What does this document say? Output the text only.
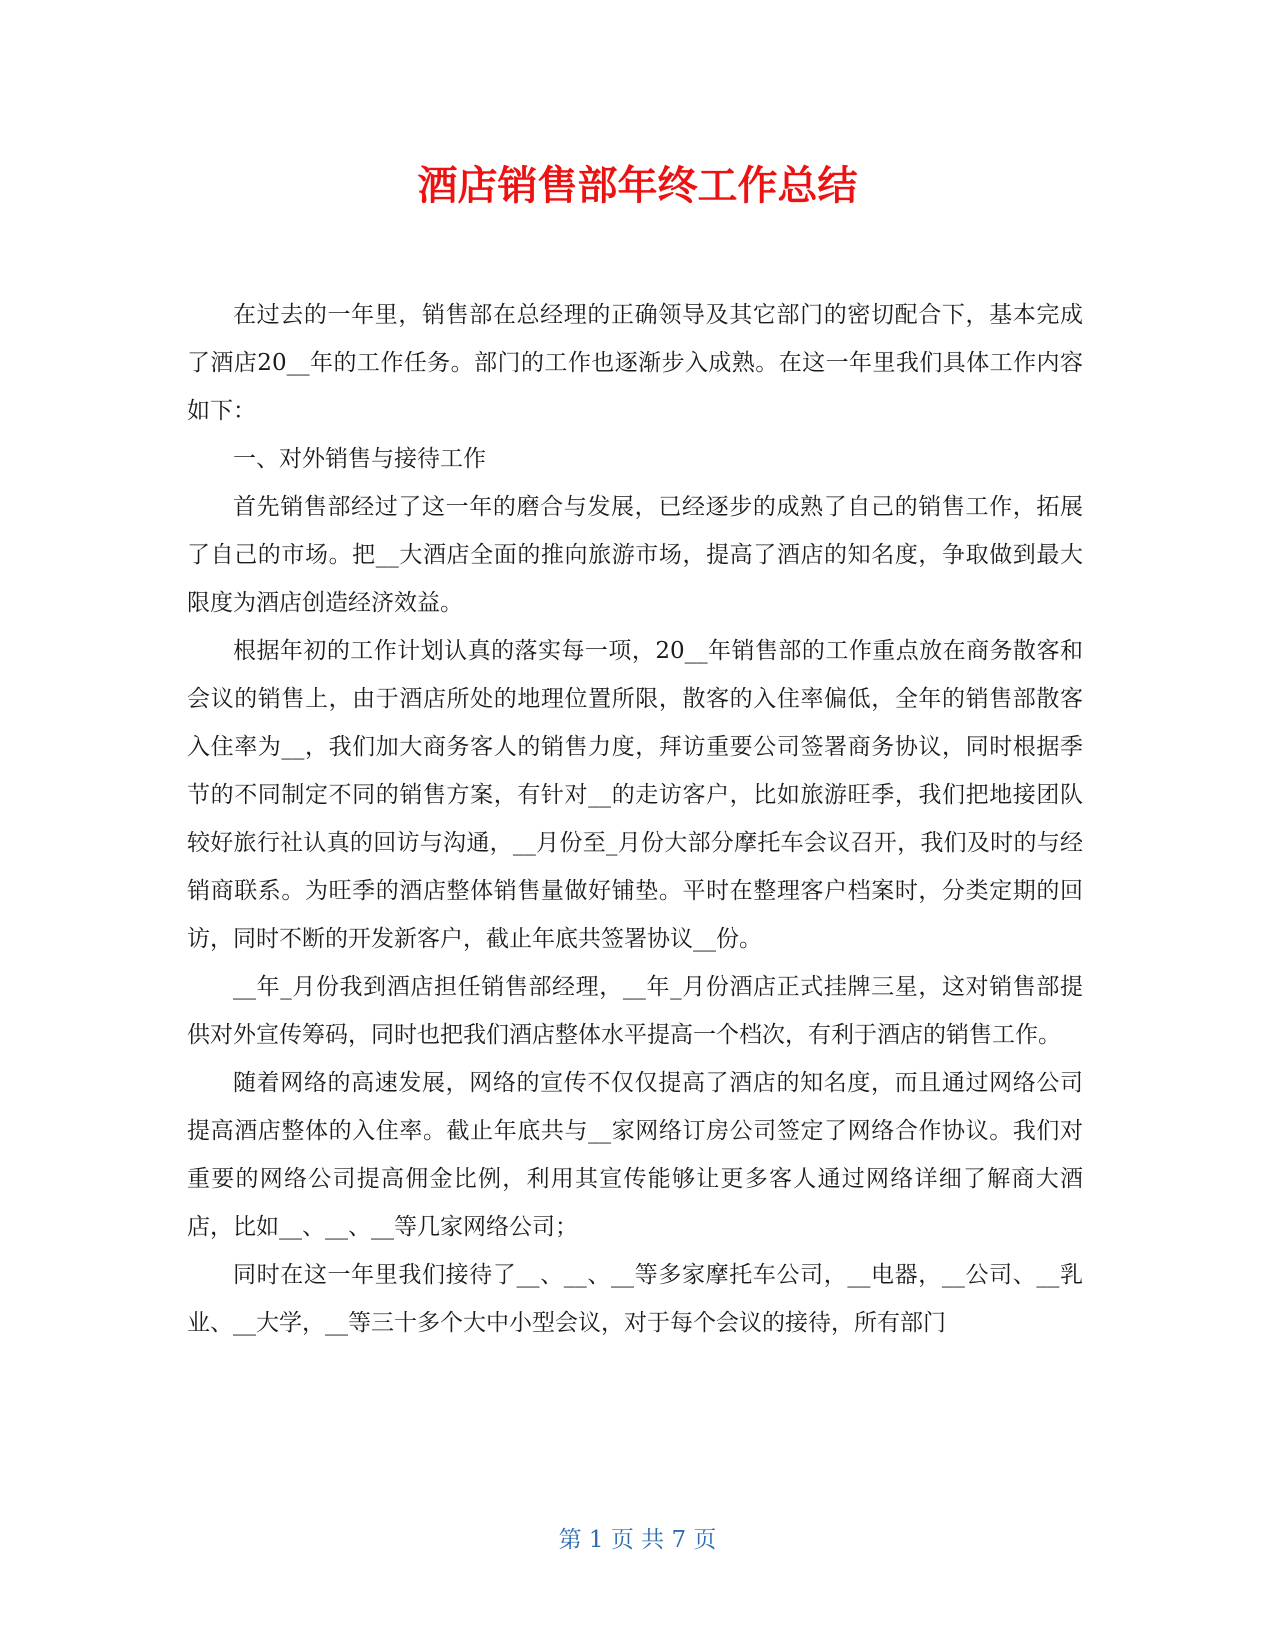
酒店销售部年终工作总结

在过去的一年里，销售部在总经理的正确领导及其它部门的密切配合下，基本完成了酒店20__年的工作任务。部门的工作也逐渐步入成熟。在这一年里我们具体工作内容如下：

一、对外销售与接待工作

首先销售部经过了这一年的磨合与发展，已经逐步的成熟了自己的销售工作，拓展了自己的市场。把__大酒店全面的推向旅游市场，提高了酒店的知名度，争取做到最大限度为酒店创造经济效益。

根据年初的工作计划认真的落实每一项，20__年销售部的工作重点放在商务散客和会议的销售上，由于酒店所处的地理位置所限，散客的入住率偏低，全年的销售部散客入住率为__，我们加大商务客人的销售力度，拜访重要公司签署商务协议，同时根据季节的不同制定不同的销售方案，有针对__的走访客户，比如旅游旺季，我们把地接团队较好旅行社认真的回访与沟通，__月份至_月份大部分摩托车会议召开，我们及时的与经销商联系。为旺季的酒店整体销售量做好铺垫。平时在整理客户档案时，分类定期的回访，同时不断的开发新客户，截止年底共签署协议__份。

__年_月份我到酒店担任销售部经理，__年_月份酒店正式挂牌三星，这对销售部提供对外宣传筹码，同时也把我们酒店整体水平提高一个档次，有利于酒店的销售工作。

随着网络的高速发展，网络的宣传不仅仅提高了酒店的知名度，而且通过网络公司提高酒店整体的入住率。截止年底共与__家网络订房公司签定了网络合作协议。我们对重要的网络公司提高佣金比例，利用其宣传能够让更多客人通过网络详细了解商大酒店，比如__、__、__等几家网络公司；

同时在这一年里我们接待了__、__、__等多家摩托车公司，__电器，__公司、__乳业、__大学，__等三十多个大中小型会议，对于每个会议的接待，所有部门

第 1 页 共 7 页
